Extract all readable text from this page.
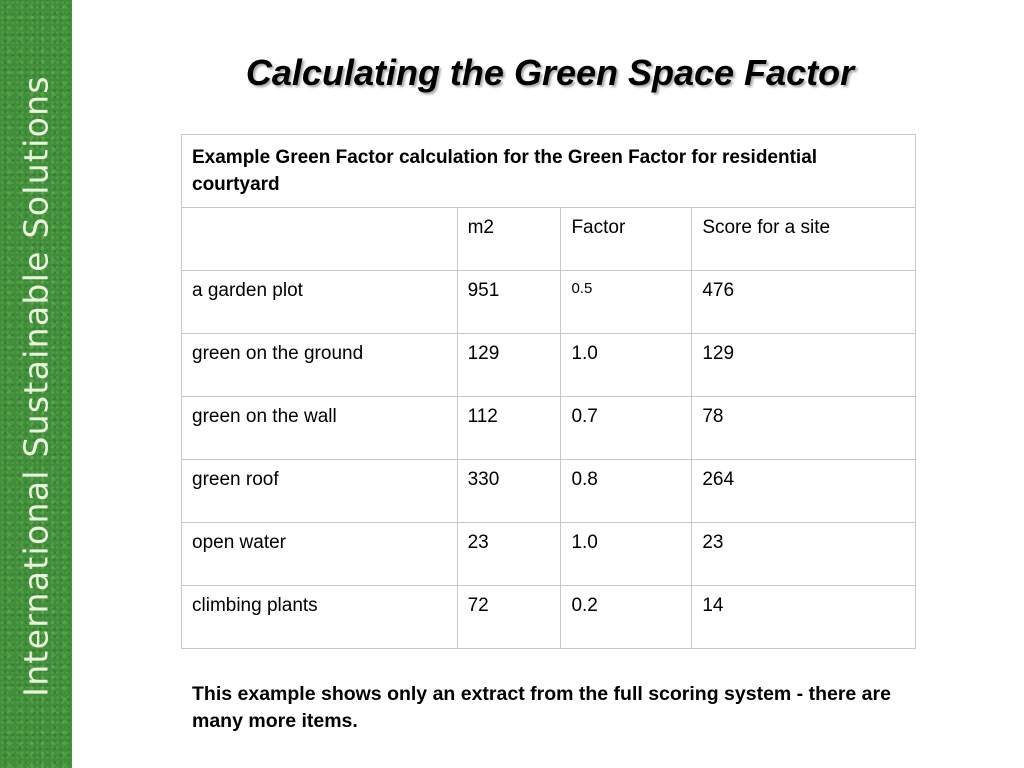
International Sustainable Solutions
Calculating the Green Space Factor
Example Green Factor calculation for the Green Factor for residential courtyard			
	m2	Factor	Score for a site
a garden plot	951	0.5	476
green on the ground	129	1.0	129
green on the wall	112	0.7	78
green roof	330	0.8	264
open water	23	1.0	23
climbing plants	72	0.2	14

This example shows only an extract from the full scoring system - there are many more items.
